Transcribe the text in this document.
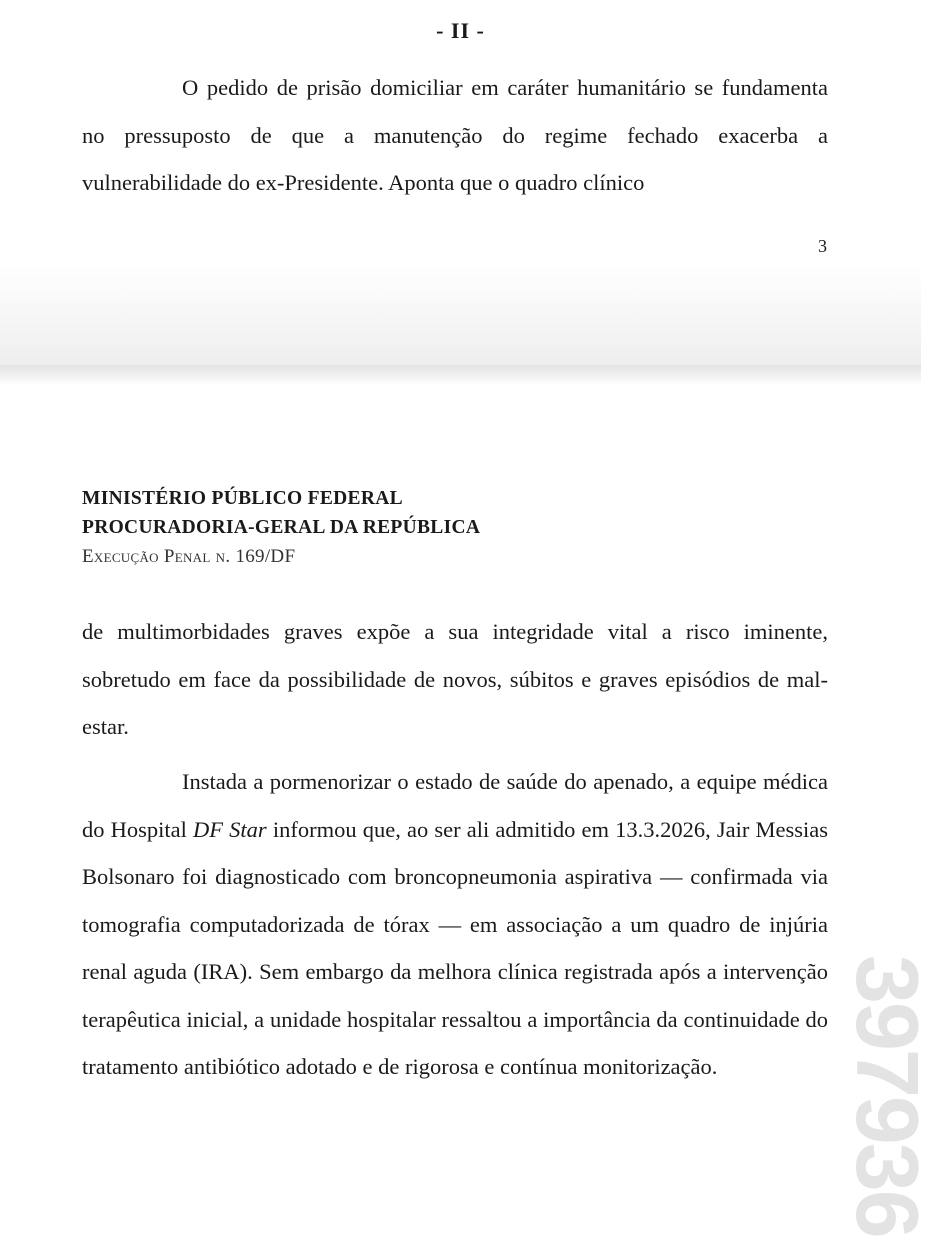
- II -

O pedido de prisão domiciliar em caráter humanitário se fundamenta no pressuposto de que a manutenção do regime fechado exacerba a vulnerabilidade do ex-Presidente. Aponta que o quadro clínico

3
MINISTÉRIO PÚBLICO FEDERAL
PROCURADORIA-GERAL DA REPÚBLICA
Execução Penal n. 169/DF

de multimorbidades graves expõe a sua integridade vital a risco iminente, sobretudo em face da possibilidade de novos, súbitos e graves episódios de mal-estar.

Instada a pormenorizar o estado de saúde do apenado, a equipe médica do Hospital DF Star informou que, ao ser ali admitido em 13.3.2026, Jair Messias Bolsonaro foi diagnosticado com broncopneumonia aspirativa — confirmada via tomografia computadorizada de tórax — em associação a um quadro de injúria renal aguda (IRA). Sem embargo da melhora clínica registrada após a intervenção terapêutica inicial, a unidade hospitalar ressaltou a importância da continuidade do tratamento antibiótico adotado e de rigorosa e contínua monitorização.	397936
